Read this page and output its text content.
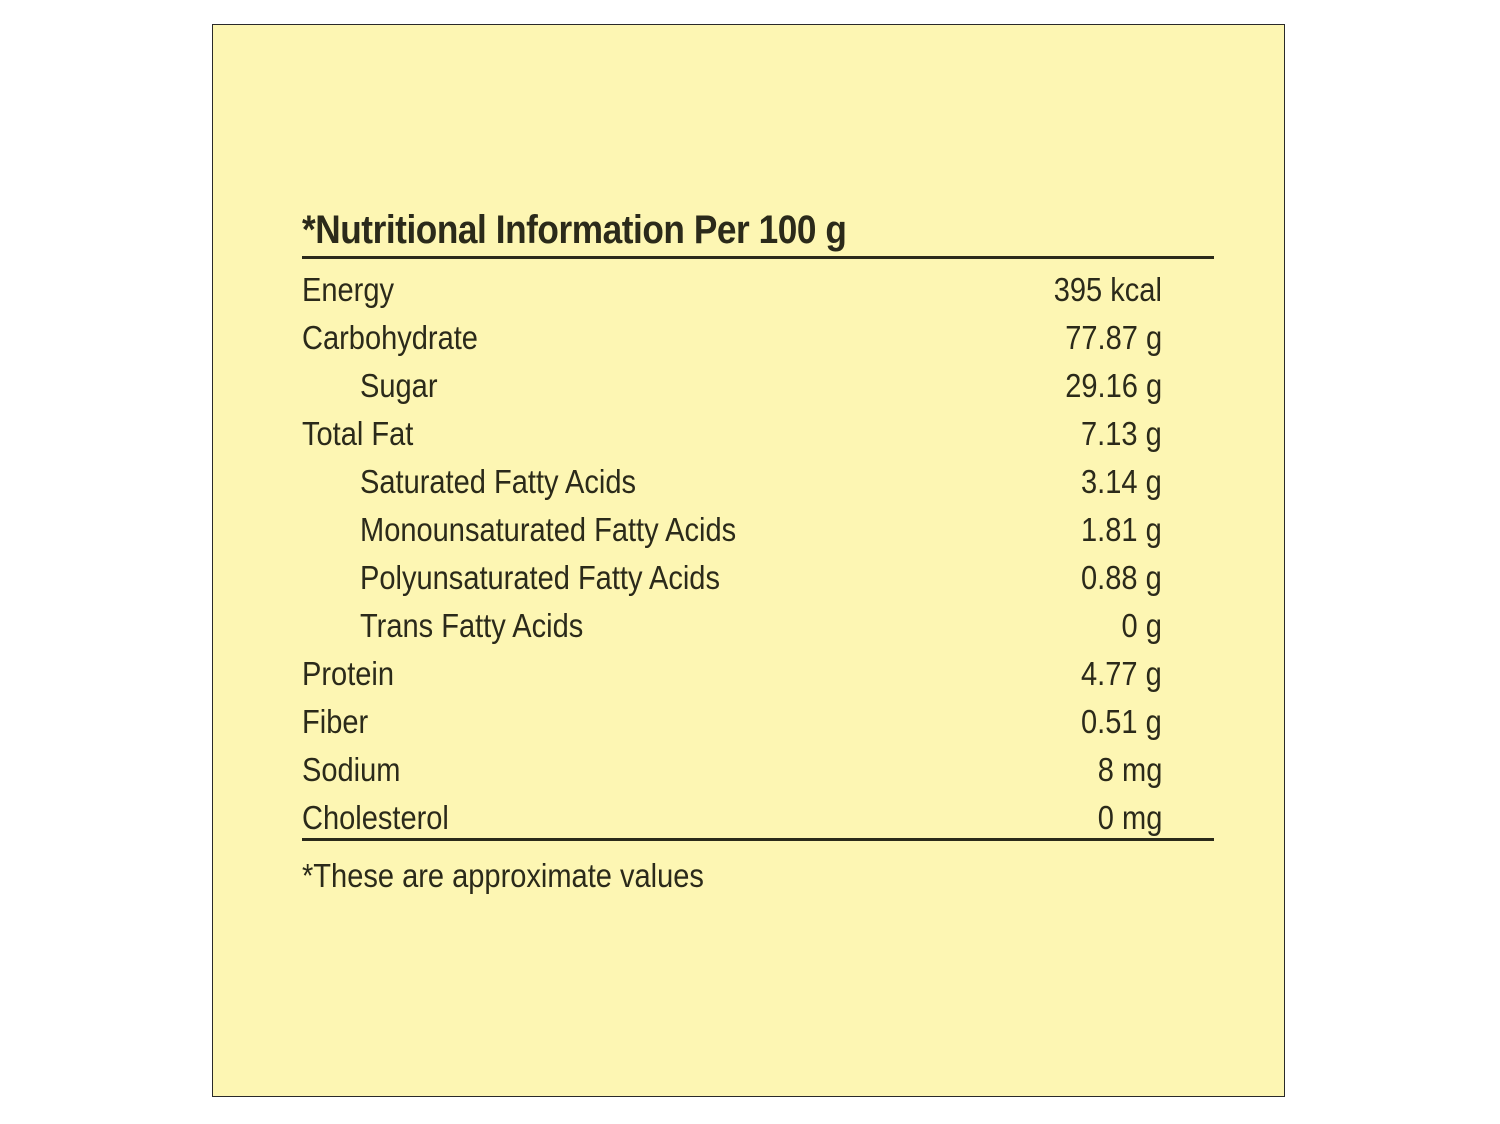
*Nutritional Information Per 100 g
Energy	395 kcal
Carbohydrate	77.87 g
Sugar	29.16 g
Total Fat	7.13 g
Saturated Fatty Acids	3.14 g
Monounsaturated Fatty Acids	1.81 g
Polyunsaturated Fatty Acids	0.88 g
Trans Fatty Acids	0 g
Protein	4.77 g
Fiber	0.51 g
Sodium	8 mg
Cholesterol	0 mg
*These are approximate values
